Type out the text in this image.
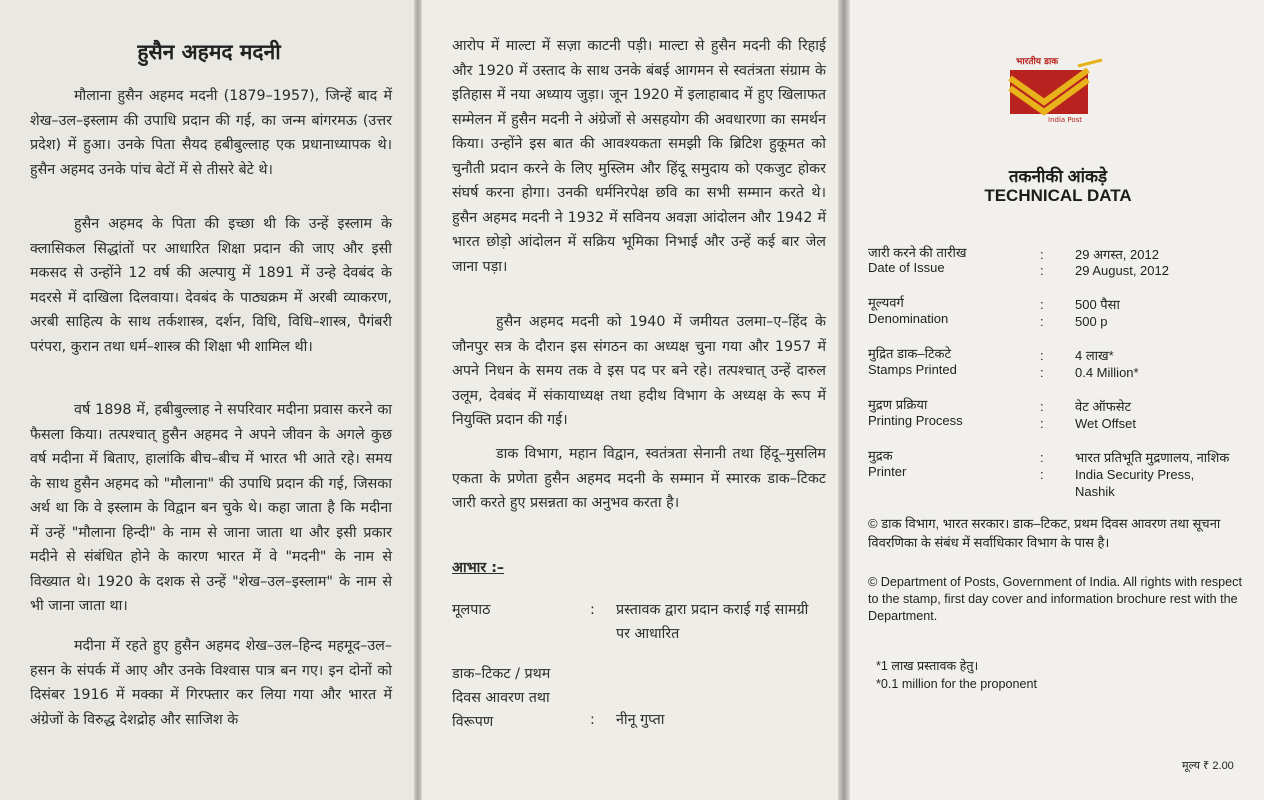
हुसैन अहमद मदनी

मौलाना हुसैन अहमद मदनी (1879–1957), जिन्हें बाद में शेख–उल–इस्लाम की उपाधि प्रदान की गई, का जन्म बांगरमऊ (उत्तर प्रदेश) में हुआ। उनके पिता सैयद हबीबुल्लाह एक प्रधानाध्यापक थे। हुसैन अहमद उनके पांच बेटों में से तीसरे बेटे थे।

हुसैन अहमद के पिता की इच्छा थी कि उन्हें इस्लाम के क्लासिकल सिद्धांतों पर आधारित शिक्षा प्रदान की जाए और इसी मकसद से उन्होंने 12 वर्ष की अल्पायु में 1891 में उन्हे देवबंद के मदरसे में दाखिला दिलवाया। देवबंद के पाठ्यक्रम में अरबी व्याकरण, अरबी साहित्य के साथ तर्कशास्त्र, दर्शन, विधि, विधि–शास्त्र, पैगंबरी परंपरा, कुरान तथा धर्म–शास्त्र की शिक्षा भी शामिल थी।

वर्ष 1898 में, हबीबुल्लाह ने सपरिवार मदीना प्रवास करने का फैसला किया। तत्पश्चात् हुसैन अहमद ने अपने जीवन के अगले कुछ वर्ष मदीना में बिताए, हालांकि बीच–बीच में भारत भी आते रहे। समय के साथ हुसैन अहमद को "मौलाना" की उपाधि प्रदान की गई, जिसका अर्थ था कि वे इस्लाम के विद्वान बन चुके थे। कहा जाता है कि मदीना में उन्हें "मौलाना हिन्दी" के नाम से जाना जाता था और इसी प्रकार मदीने से संबंधित होने के कारण भारत में वे "मदनी" के नाम से विख्यात थे। 1920 के दशक से उन्हें "शेख–उल–इस्लाम" के नाम से भी जाना जाता था।

मदीना में रहते हुए हुसैन अहमद शेख–उल–हिन्द महमूद–उल–हसन के संपर्क में आए और उनके विश्वास पात्र बन गए। इन दोनों को दिसंबर 1916 में मक्का में गिरफ्तार कर लिया गया और भारत में अंग्रेजों के विरुद्ध देशद्रोह और साजिश के

आरोप में माल्टा में सज़ा काटनी पड़ी। माल्टा से हुसैन मदनी की रिहाई और 1920 में उस्ताद के साथ उनके बंबई आगमन से स्वतंत्रता संग्राम के इतिहास में नया अध्याय जुड़ा। जून 1920 में इलाहाबाद में हुए खिलाफत सम्मेलन में हुसैन मदनी ने अंग्रेजों से असहयोग की अवधारणा का समर्थन किया। उन्होंने इस बात की आवश्यकता समझी कि ब्रिटिश हुकूमत को चुनौती प्रदान करने के लिए मुस्लिम और हिंदू समुदाय को एकजुट होकर संघर्ष करना होगा। उनकी धर्मनिरपेक्ष छवि का सभी सम्मान करते थे। हुसैन अहमद मदनी ने 1932 में सविनय अवज्ञा आंदोलन और 1942 में भारत छोड़ो आंदोलन में सक्रिय भूमिका निभाई और उन्हें कई बार जेल जाना पड़ा।

हुसैन अहमद मदनी को 1940 में जमीयत उलमा–ए–हिंद के जौनपुर सत्र के दौरान इस संगठन का अध्यक्ष चुना गया और 1957 में अपने निधन के समय तक वे इस पद पर बने रहे। तत्पश्चात् उन्हें दारुल उलूम, देवबंद में संकायाध्यक्ष तथा हदीथ विभाग के अध्यक्ष के रूप में नियुक्ति प्रदान की गई।

डाक विभाग, महान विद्वान, स्वतंत्रता सेनानी तथा हिंदू–मुसलिम एकता के प्रणेता हुसैन अहमद मदनी के सम्मान में स्मारक डाक–टिकट जारी करते हुए प्रसन्नता का अनुभव करता है।

आभार :–
मूलपाठ	: प्रस्तावक द्वारा प्रदान कराई गई सामग्री पर आधारित
डाक–टिकट / प्रथम दिवस आवरण तथा विरूपण	: नीनू गुप्ता
भारतीय डाक
India Post
तकनीकी आंकड़े
TECHNICAL DATA
जारी करने की तारीख
Date of Issue
:
:
29 अगस्त, 2012
29 August, 2012
मूल्यवर्ग
Denomination
:
:
500 पैसा
500 p
मुद्रित डाक–टिकटे
Stamps Printed
:
:
4 लाख*
0.4 Million*
मुद्रण प्रक्रिया
Printing Process
:
:
वेट ऑफसेट
Wet Offset
मुद्रक
Printer
:
:
भारत प्रतिभूति मुद्रणालय, नाशिक
India Security Press, Nashik
© डाक विभाग, भारत सरकार। डाक–टिकट, प्रथम दिवस आवरण तथा सूचना विवरणिका के संबंध में सर्वाधिकार विभाग के पास है।
© Department of Posts, Government of India. All rights with respect to the stamp, first day cover and information brochure rest with the Department.
*1 लाख प्रस्तावक हेतु।
*0.1 million for the proponent
मूल्य ₹ 2.00
